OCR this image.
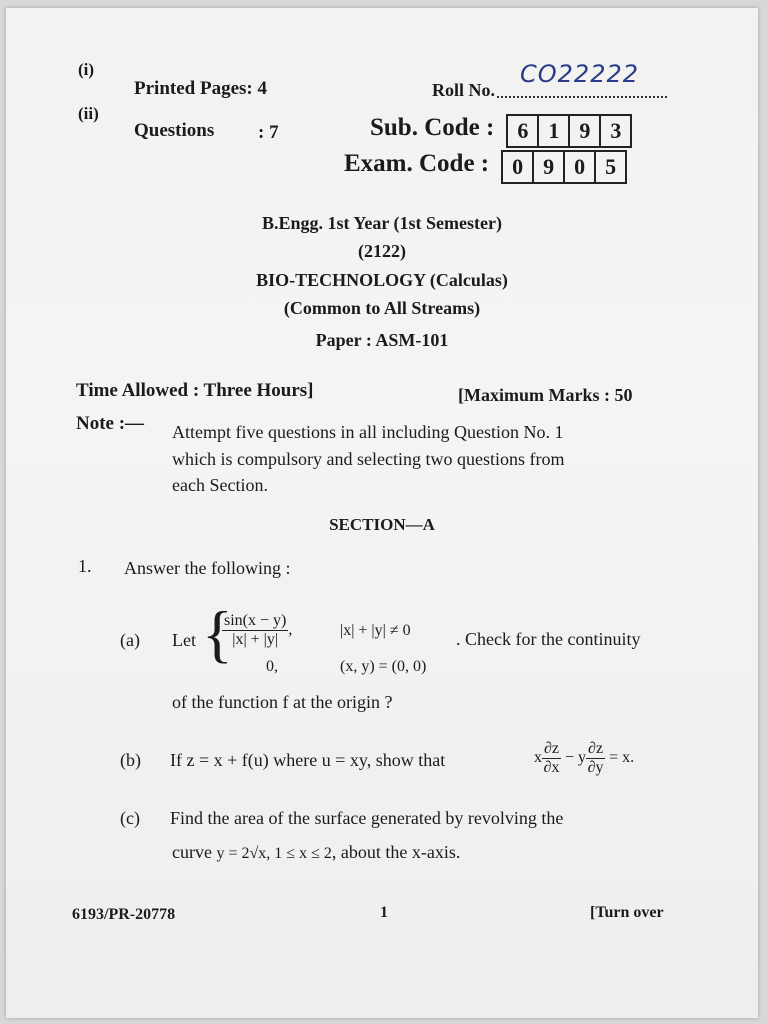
(i)
Printed Pages: 4
(ii)
Questions : 7
Roll No.
CO22222
Sub. Code :	6 1 9 3
Exam. Code :	0 9 0 5
B.Engg. 1st Year (1st Semester)
(2122)
BIO-TECHNOLOGY (Calculas)
(Common to All Streams)
Paper : ASM-101
Time Allowed : Three Hours]	[Maximum Marks : 50
Note :— Attempt five questions in all including Question No. 1
which is compulsory and selecting two questions from
each Section.
SECTION—A
1. Answer the following :
(a) Let {
$\frac{\sin(x - y)}{|x| + |y|}$ ,	|x| + |y| ≠ 0
0,	(x, y) = (0, 0)
. Check for the continuity
of the function f at the origin ?
(b) If z = x + f(u) where u = xy, show that	x $\frac{\partial z}{\partial x} - y \frac{\partial z}{\partial y} = x$.
(c) Find the area of the surface generated by revolving the
curve y = 2√x, 1 ≤ x ≤ 2, about the x-axis.
6193/PR-20778	1	[Turn over
